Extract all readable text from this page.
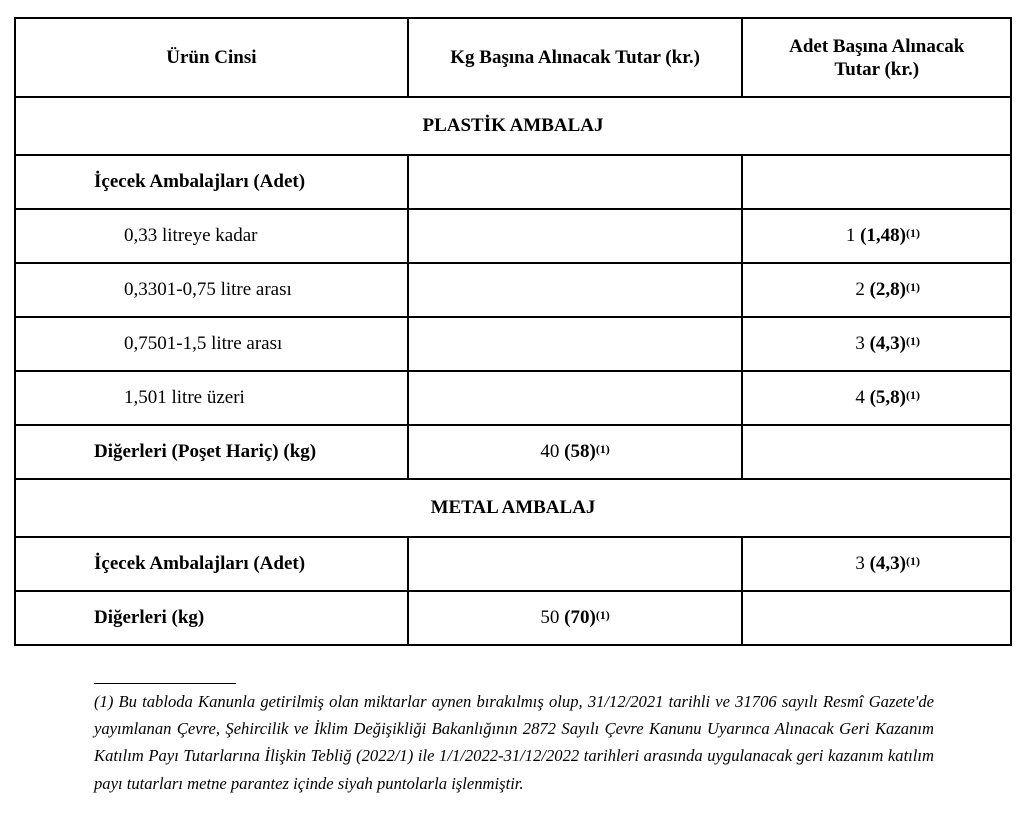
Ürün Cinsi	Kg Başına Alınacak Tutar (kr.)	Adet Başına Alınacak Tutar (kr.)
PLASTİK AMBALAJ		
İçecek Ambalajları (Adet)		
0,33 litreye kadar		1 $(1,48)^{(1)}$
0,3301-0,75 litre arası		2 $(2,8)^{(1)}$
0,7501-1,5 litre arası		3 $(4,3)^{(1)}$
1,501 litre üzeri		4 $(5,8)^{(1)}$
Diğerleri (Poşet Hariç) (kg)	40 $(58)^{(1)}$	
METAL AMBALAJ		
İçecek Ambalajları (Adet)		3 $(4,3)^{(1)}$
Diğerleri (kg)	50 $(70)^{(1)}$	
(1) Bu tabloda Kanunla getirilmiş olan miktarlar aynen bırakılmış olup, 31/12/2021 tarihli ve 31706 sayılı Resmî Gazete'de yayımlanan Çevre, Şehircilik ve İklim Değişikliği Bakanlığının 2872 Sayılı Çevre Kanunu Uyarınca Alınacak Geri Kazanım Katılım Payı Tutarlarına İlişkin Tebliğ (2022/1) ile 1/1/2022-31/12/2022 tarihleri arasında uygulanacak geri kazanım katılım payı tutarları metne parantez içinde siyah puntolarla işlenmiştir.
